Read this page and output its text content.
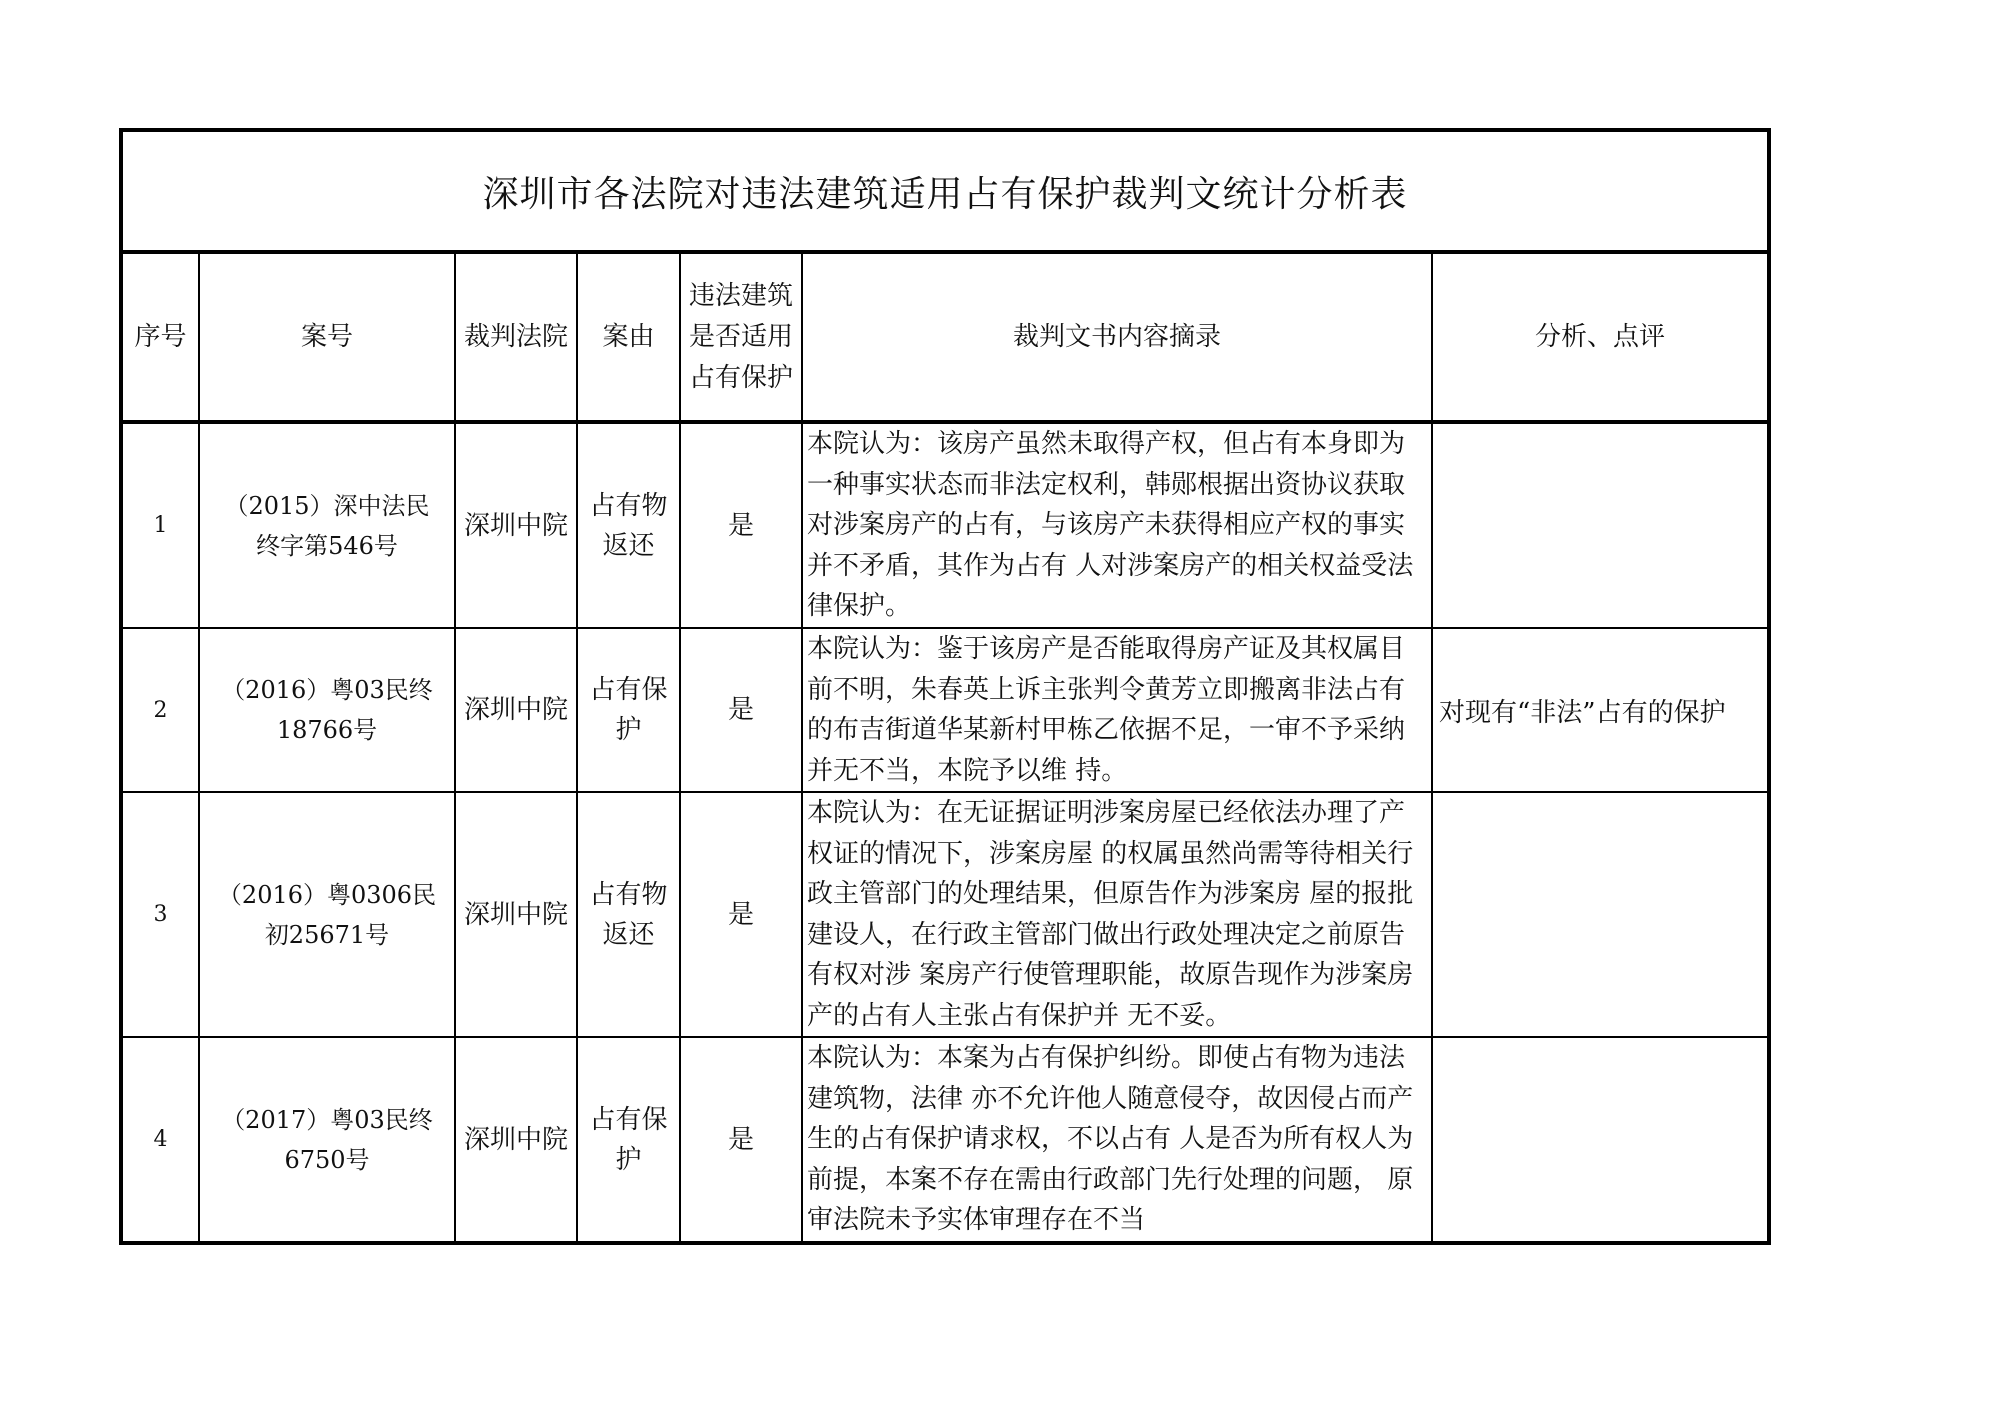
深圳市各法院对违法建筑适用占有保护裁判文统计分析表						
序号	案号	裁判法院	案由	违法建筑是否适用占有保护	裁判文书内容摘录	分析、点评
1	（2015）深中法民终字第546号	深圳中院	占有物返还	是	本院认为：该房产虽然未取得产权，但占有本身即为一种事实状态而非法定权利，韩郧根据出资协议获取对涉案房产的占有，与该房产未获得相应产权的事实并不矛盾，其作为占有 人对涉案房产的相关权益受法律保护。	
2	（2016）粤03民终18766号	深圳中院	占有保护	是	本院认为：鉴于该房产是否能取得房产证及其权属目前不明，朱春英上诉主张判令黄芳立即搬离非法占有的布吉街道华某新村甲栋乙依据不足，一审不予采纳并无不当，本院予以维 持。	对现有“非法”占有的保护
3	（2016）粤0306民初25671号	深圳中院	占有物返还	是	本院认为：在无证据证明涉案房屋已经依法办理了产权证的情况下，涉案房屋 的权属虽然尚需等待相关行政主管部门的处理结果，但原告作为涉案房 屋的报批建设人，在行政主管部门做出行政处理决定之前原告有权对涉 案房产行使管理职能，故原告现作为涉案房产的占有人主张占有保护并 无不妥。	
4	（2017）粤03民终6750号	深圳中院	占有保护	是	本院认为：本案为占有保护纠纷。即使占有物为违法建筑物，法律 亦不允许他人随意侵夺，故因侵占而产生的占有保护请求权，不以占有 人是否为所有权人为前提，本案不存在需由行政部门先行处理的问题， 原审法院未予实体审理存在不当	
